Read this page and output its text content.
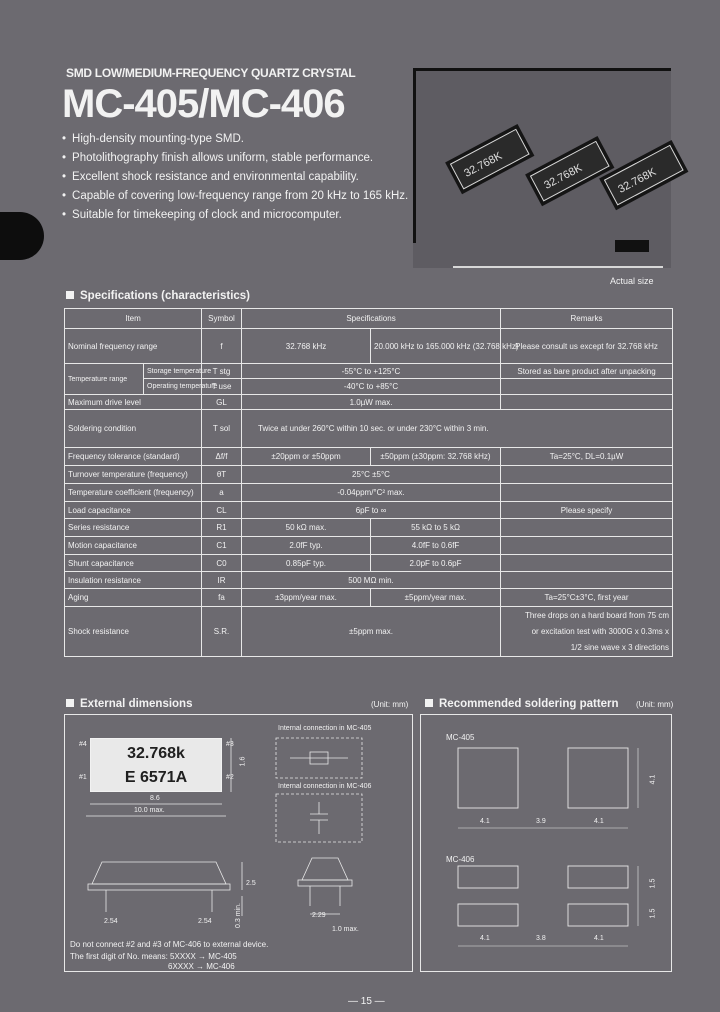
SMD LOW/MEDIUM-FREQUENCY QUARTZ CRYSTAL
MC-405/MC-406
• High-density mounting-type SMD.
• Photolithography finish allows uniform, stable performance.
• Excellent shock resistance and environmental capability.
• Capable of covering low-frequency range from 20 kHz to 165 kHz.
• Suitable for timekeeping of clock and microcomputer.
32.768K	32.768K	32.768K
Actual size
Specifications (characteristics)
Item		Symbol	Specifications		Remarks
Nominal frequency range		f	32.768 kHz	20.000 kHz to 165.000 kHz (32.768 kHz)	Please consult us except for 32.768 kHz
Temperature range	Storage temperature	T stg	-55°C to +125°C		Stored as bare product after unpacking
	Operating temperature	T use	-40°C to +85°C		
Maximum drive level		GL	1.0µW max.		
Soldering condition		T sol	Twice at under 260°C within 10 sec. or under 230°C within 3 min.		
Frequency tolerance (standard)		Δf/f	±20ppm or ±50ppm	±50ppm (±30ppm: 32.768 kHz)	Ta=25°C, DL=0.1µW
Turnover temperature (frequency)		θT	25°C ±5°C		
Temperature coefficient (frequency)		a	-0.04ppm/°C² max.		
Load capacitance		CL	6pF to ∞		Please specify
Series resistance		R1	50 kΩ max.	55 kΩ to 5 kΩ	
Motion capacitance		C1	2.0fF typ.	4.0fF to 0.6fF	
Shunt capacitance		C0	0.85pF typ.	2.0pF to 0.6pF	
Insulation resistance		IR	500 MΩ min.		
Aging		fa	±3ppm/year max.	±5ppm/year max.	Ta=25°C±3°C, first year
Shock resistance		S.R.	±5ppm max.		Three drops on a hard board from 75 cm
or excitation test with 3000G x 0.3ms x
1/2 sine wave x 3 directions
External dimensions	(Unit: mm)
32.768k
E 6571A
#4
#1
#3
#2
1.6
8.6
10.0 max.
Internal connection in MC-405
Internal connection in MC-406
2.5
2.54	2.54	0.3 min.	2.29
1.0 max.
Do not connect #2 and #3 of MC-406 to external device.
The first digit of No. means: 5XXXX → MC-405
6XXXX → MC-406
Recommended soldering pattern (Unit: mm)
MC-405
MC-406
4.1	3.9	4.1
4.1
4.1	3.8	4.1
1.5
1.5
— 15 —
